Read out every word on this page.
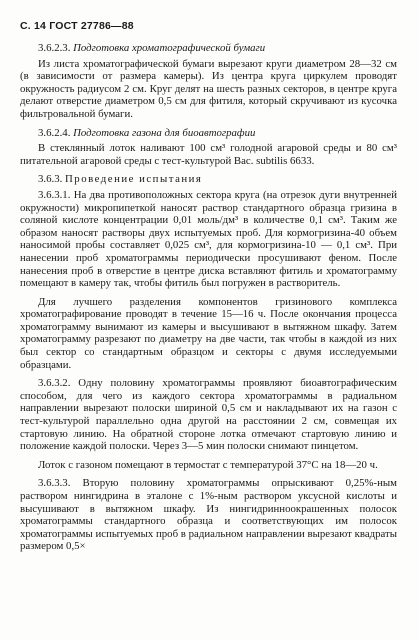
С. 14 ГОСТ 27786—88

3.6.2.3. Подготовка хроматографической бумаги

Из листа хроматографической бумаги вырезают круги диаметром 28—32 см (в зависимости от размера камеры). Из центра круга циркулем проводят окружность радиусом 2 см. Круг делят на шесть разных секторов, в центре круга делают отверстие диаметром 0,5 см для фитиля, который скручивают из кусочка фильтровальной бумаги.

3.6.2.4. Подготовка газона для биоавтографии

В стеклянный лоток наливают 100 см³ голодной агаровой среды и 80 см³ питательной агаровой среды с тест-культурой Bac. subtilis 6633.

3.6.3. Проведение испытания

3.6.3.1. На два противоположных сектора круга (на отрезок дуги внутренней окружности) микропипеткой наносят раствор стандартного образца гризина в соляной кислоте концентрации 0,01 моль/дм³ в количестве 0,1 см³. Таким же образом наносят растворы двух испытуемых проб. Для кормогризина-40 объем наносимой пробы составляет 0,025 см³, для кормогризина-10 — 0,1 см³. При нанесении проб хроматограммы периодически просушивают феном. После нанесения проб в отверстие в центре диска вставляют фитиль и хроматограмму помещают в камеру так, чтобы фитиль был погружен в растворитель.

Для лучшего разделения компонентов гризинового комплекса хроматографирование проводят в течение 15—16 ч. После окончания процесса хроматограмму вынимают из камеры и высушивают в вытяжном шкафу. Затем хроматограмму разрезают по диаметру на две части, так чтобы в каждой из них был сектор со стандартным образцом и секторы с двумя исследуемыми образцами.

3.6.3.2. Одну половину хроматограммы проявляют биоавтографическим способом, для чего из каждого сектора хроматограммы в радиальном направлении вырезают полоски шириной 0,5 см и накладывают их на газон с тест-культурой параллельно одна другой на расстоянии 2 см, совмещая их стартовую линию. На обратной стороне лотка отмечают стартовую линию и положение каждой полоски. Через 3—5 мин полоски снимают пинцетом.

Лоток с газоном помещают в термостат с температурой 37°С на 18—20 ч.

3.6.3.3. Вторую половину хроматограммы опрыскивают 0,25%-ным раствором нингидрина в эталоне с 1%-ным раствором уксусной кислоты и высушивают в вытяжном шкафу. Из нингидринноокрашенных полосок хроматограммы стандартного образца и соответствующих им полосок хроматограммы испытуемых проб в радиальном направлении вырезают квадраты размером 0,5×
